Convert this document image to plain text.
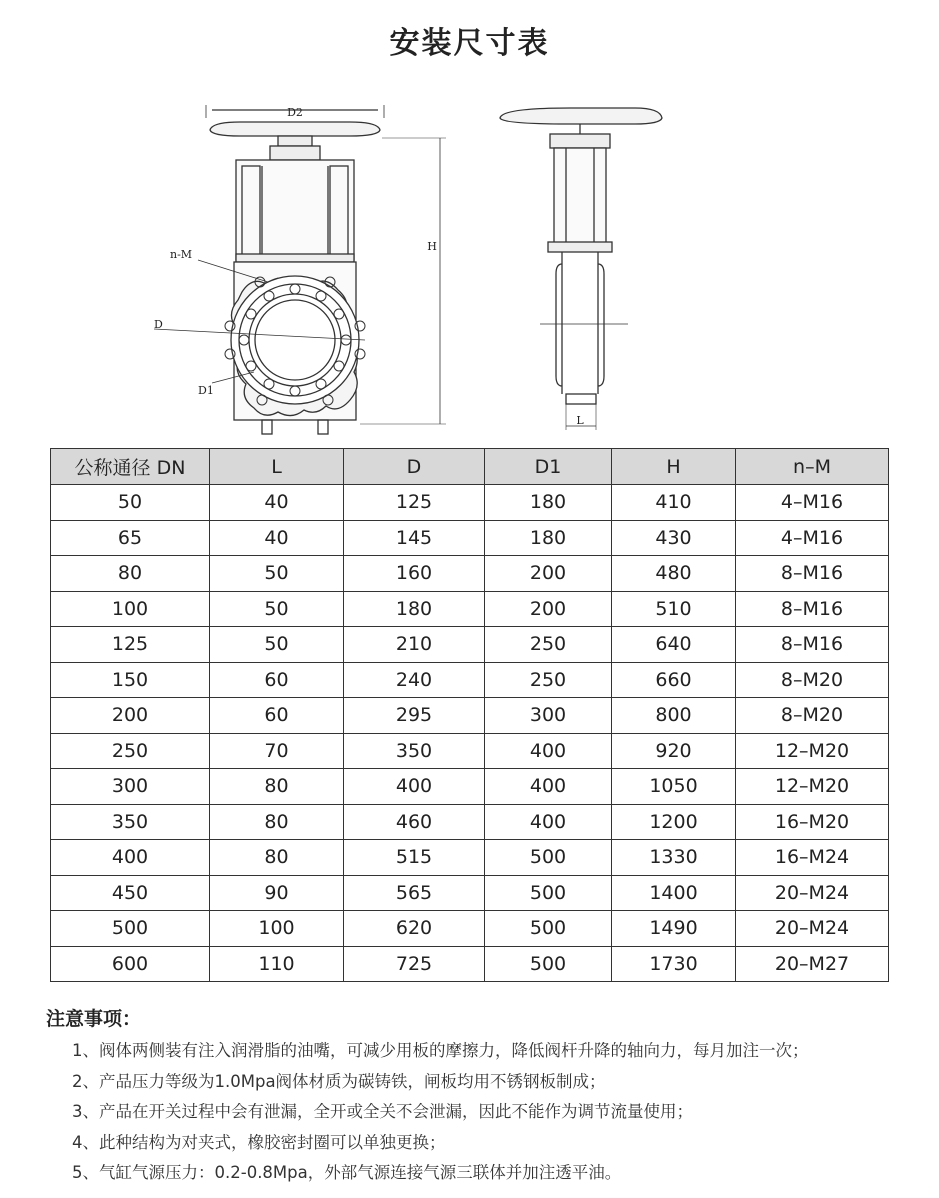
安装尺寸表
D2
H
n-M
D
D1
L
公称通径 DN	L	D	D1	H	n–M
50	40	125	180	410	4–M16
65	40	145	180	430	4–M16
80	50	160	200	480	8–M16
100	50	180	200	510	8–M16
125	50	210	250	640	8–M16
150	60	240	250	660	8–M20
200	60	295	300	800	8–M20
250	70	350	400	920	12–M20
300	80	400	400	1050	12–M20
350	80	460	400	1200	16–M20
400	80	515	500	1330	16–M24
450	90	565	500	1400	20–M24
500	100	620	500	1490	20–M24
600	110	725	500	1730	20–M27
注意事项：
1、阀体两侧装有注入润滑脂的油嘴，可减少用板的摩擦力，降低阀杆升降的轴向力，每月加注一次；
2、产品压力等级为1.0Mpa阀体材质为碳铸铁，闸板均用不锈钢板制成；
3、产品在开关过程中会有泄漏，全开或全关不会泄漏，因此不能作为调节流量使用；
4、此种结构为对夹式，橡胶密封圈可以单独更换；
5、气缸气源压力：0.2-0.8Mpa，外部气源连接气源三联体并加注透平油。
